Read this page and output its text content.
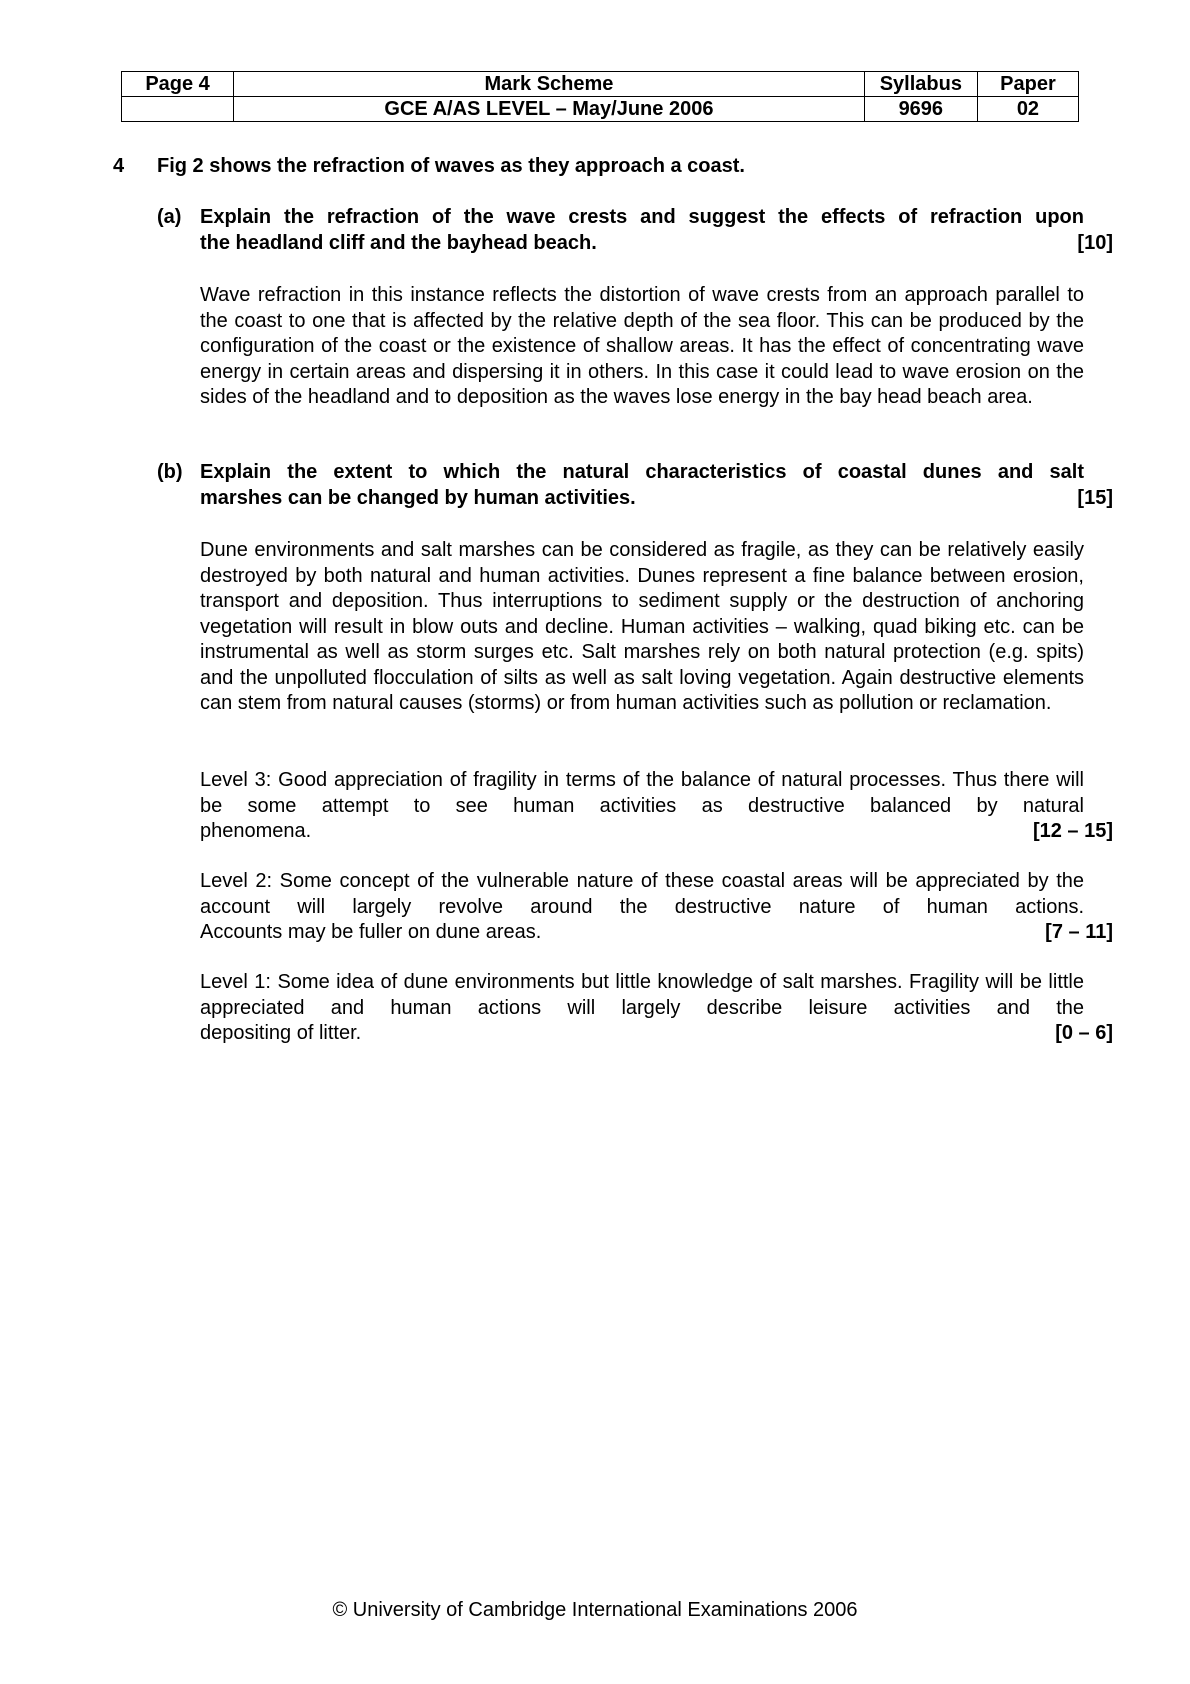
Page 4	Mark Scheme	Syllabus	Paper
	GCE A/AS LEVEL – May/June 2006	9696	02
4 Fig 2 shows the refraction of waves as they approach a coast.
(a) Explain the refraction of the wave crests and suggest the effects of refraction upon
the headland cliff and the bayhead beach.	[10]
Wave refraction in this instance reflects the distortion of wave crests from an approach parallel to the coast to one that is affected by the relative depth of the sea floor. This can be produced by the configuration of the coast or the existence of shallow areas. It has the effect of concentrating wave energy in certain areas and dispersing it in others. In this case it could lead to wave erosion on the sides of the headland and to deposition as the waves lose energy in the bay head beach area.
(b) Explain the extent to which the natural characteristics of coastal dunes and salt
marshes can be changed by human activities.	[15]
Dune environments and salt marshes can be considered as fragile, as they can be relatively easily destroyed by both natural and human activities. Dunes represent a fine balance between erosion, transport and deposition. Thus interruptions to sediment supply or the destruction of anchoring vegetation will result in blow outs and decline. Human activities – walking, quad biking etc. can be instrumental as well as storm surges etc. Salt marshes rely on both natural protection (e.g. spits) and the unpolluted flocculation of silts as well as salt loving vegetation. Again destructive elements can stem from natural causes (storms) or from human activities such as pollution or reclamation.
Level 3: Good appreciation of fragility in terms of the balance of natural processes. Thus there will be some attempt to see human activities as destructive balanced by natural
phenomena.	[12 – 15]
Level 2: Some concept of the vulnerable nature of these coastal areas will be appreciated by the account will largely revolve around the destructive nature of human actions.
Accounts may be fuller on dune areas.	[7 – 11]
Level 1: Some idea of dune environments but little knowledge of salt marshes. Fragility will be little appreciated and human actions will largely describe leisure activities and the
depositing of litter.	[0 – 6]
© University of Cambridge International Examinations 2006
